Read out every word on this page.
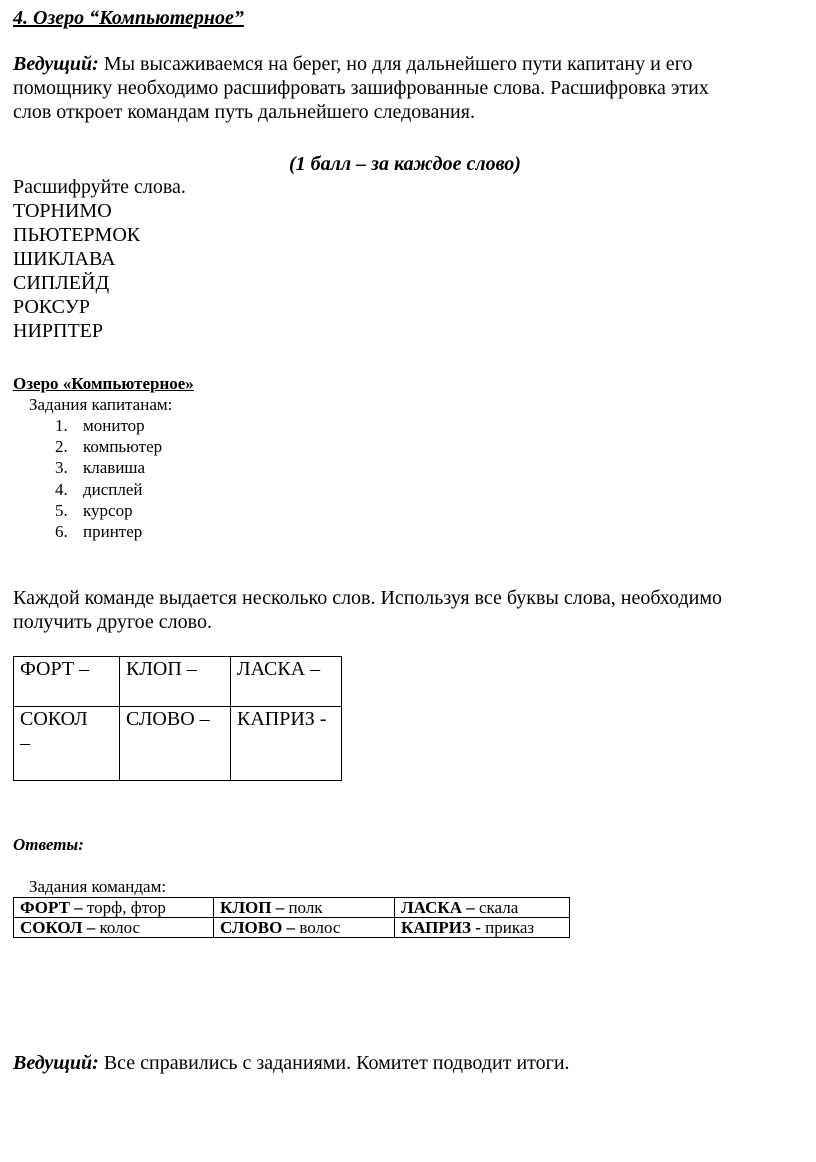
4. Озеро “Компьютерное”
Ведущий: Мы высаживаемся на берег, но для дальнейшего пути капитану и его
помощнику необходимо расшифровать зашифрованные слова. Расшифровка этих
слов откроет командам путь дальнейшего следования.
(1 балл – за каждое слово)
Расшифруйте слова.
ТОРНИМО
ПЬЮТЕРМОК
ШИКЛАВА
СИПЛЕЙД
РОКСУР
НИРПТЕР
Озеро «Компьютерное»
Задания капитанам:
1. монитор
2. компьютер
3. клавиша
4. дисплей
5. курсор
6. принтер
Каждой команде выдается несколько слов. Используя все буквы слова, необходимо
получить другое слово.
ФОРТ –	КЛОП –	ЛАСКА –

СОКОЛ –	СЛОВО –	КАПРИЗ -
Ответы:
Задания командам:
ФОРТ – торф, фтор	КЛОП – полк	ЛАСКА – скала
СОКОЛ – колос	СЛОВО – волос	КАПРИЗ - приказ
Ведущий: Все справились с заданиями. Комитет подводит итоги.
